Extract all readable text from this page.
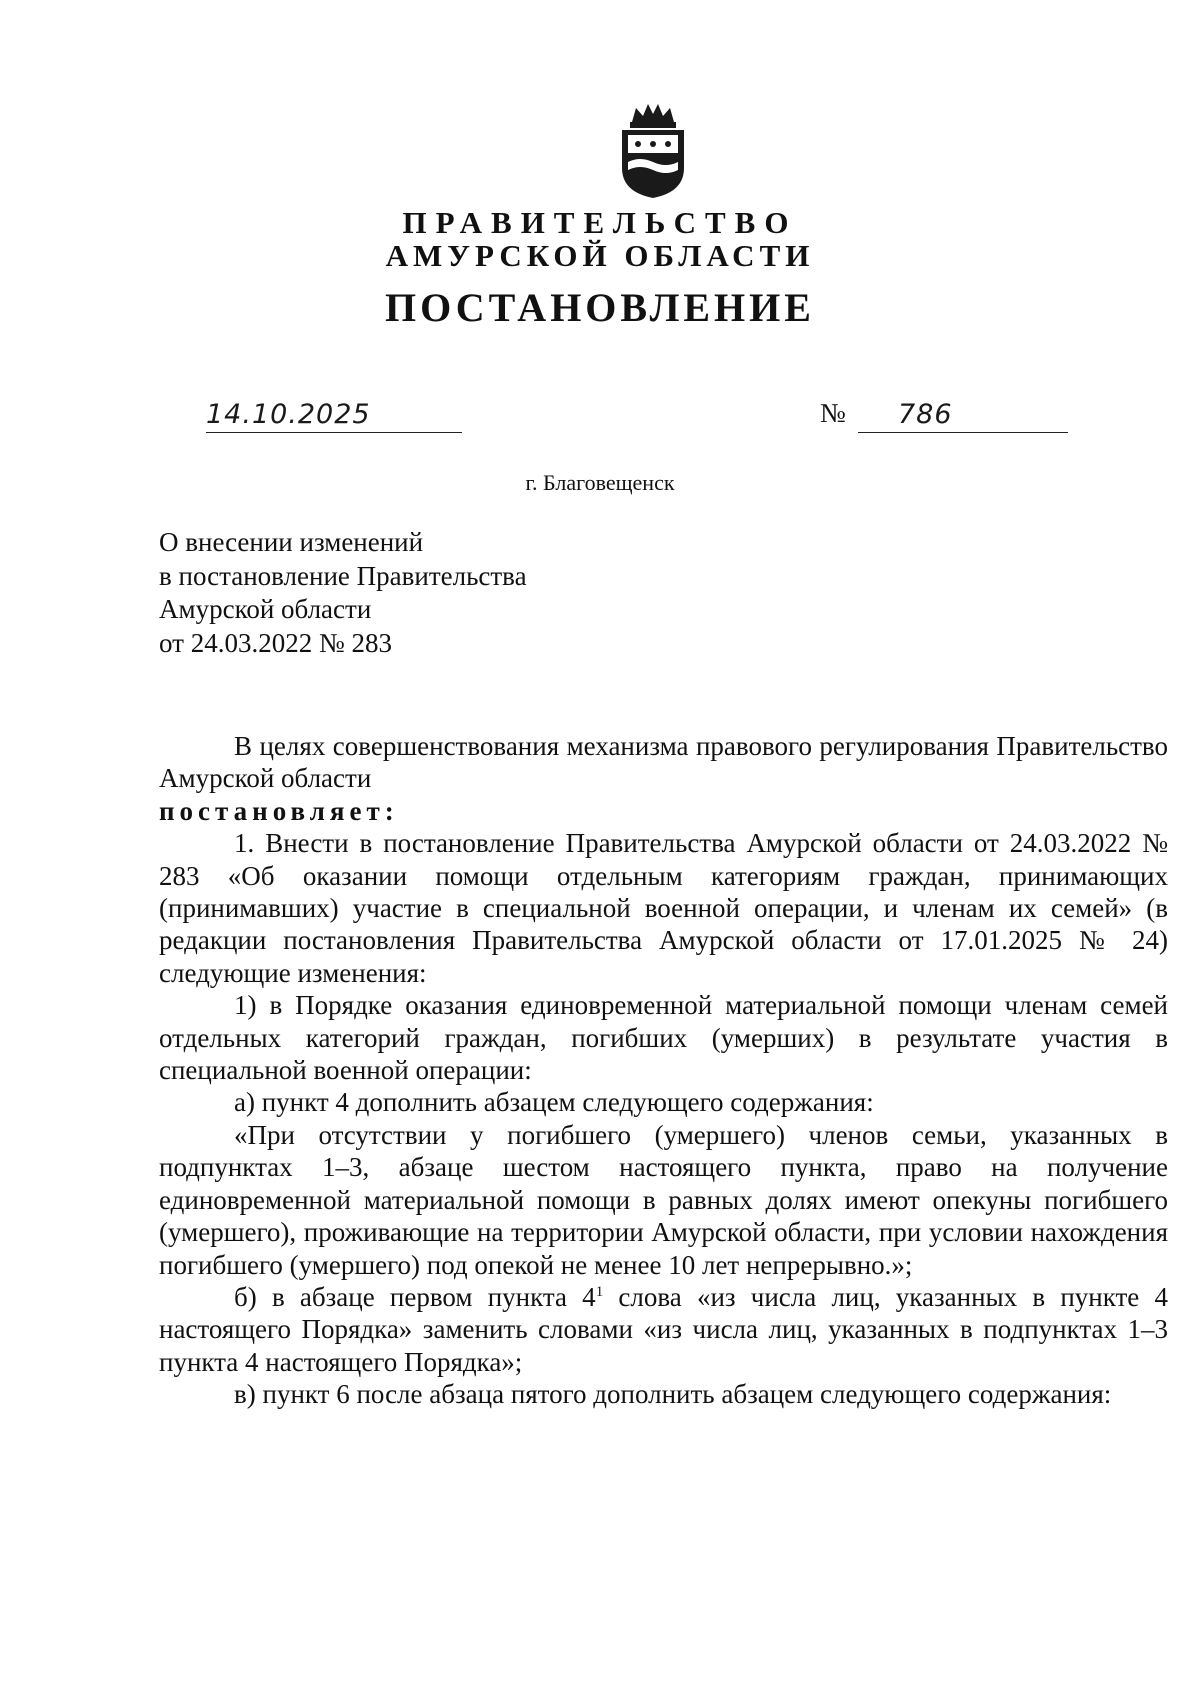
ПРАВИТЕЛЬСТВО
АМУРСКОЙ ОБЛАСТИ
ПОСТАНОВЛЕНИЕ
14.10.2025	№ 786
г. Благовещенск
О внесении изменений
в постановление Правительства
Амурской области
от 24.03.2022 № 283

В целях совершенствования механизма правового регулирования Правительство Амурской области

постановляет:

1. Внести в постановление Правительства Амурской области от 24.03.2022 № 283 «Об оказании помощи отдельным категориям граждан, принимающих (принимавших) участие в специальной военной операции, и членам их семей» (в редакции постановления Правительства Амурской области от 17.01.2025 № 24) следующие изменения:

1) в Порядке оказания единовременной материальной помощи членам семей отдельных категорий граждан, погибших (умерших) в результате участия в специальной военной операции:

а) пункт 4 дополнить абзацем следующего содержания:

«При отсутствии у погибшего (умершего) членов семьи, указанных в подпунктах 1–3, абзаце шестом настоящего пункта, право на получение единовременной материальной помощи в равных долях имеют опекуны погибшего (умершего), проживающие на территории Амурской области, при условии нахождения погибшего (умершего) под опекой не менее 10 лет непрерывно.»;

б) в абзаце первом пункта $4^1$ слова «из числа лиц, указанных в пункте 4 настоящего Порядка» заменить словами «из числа лиц, указанных в подпунктах 1–3 пункта 4 настоящего Порядка»;

в) пункт 6 после абзаца пятого дополнить абзацем следующего содержания:
